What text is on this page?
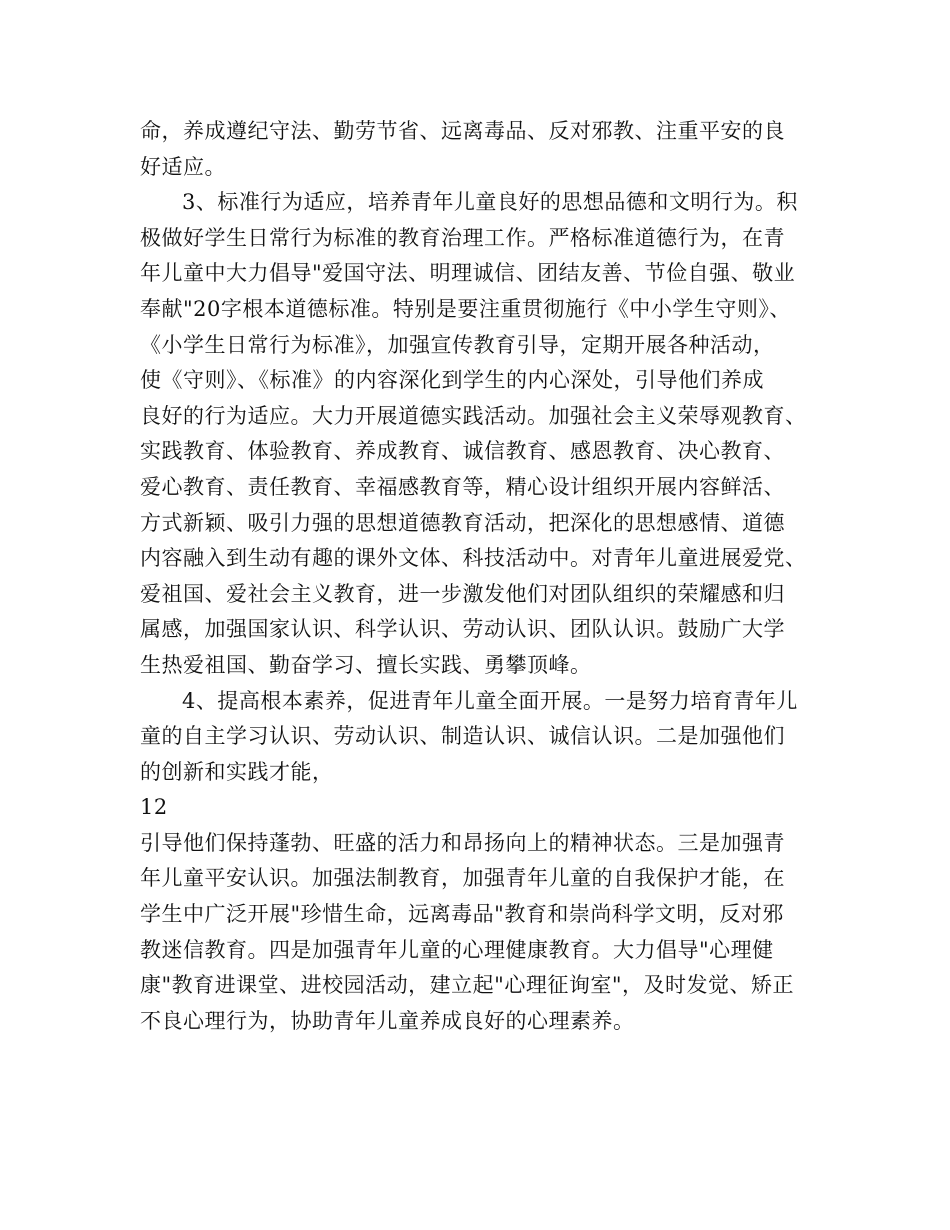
命，养成遵纪守法、勤劳节省、远离毒品、反对邪教、注重平安的良
好适应。
3、标准行为适应，培养青年儿童良好的思想品德和文明行为。积
极做好学生日常行为标准的教育治理工作。严格标准道德行为，在青
年儿童中大力倡导"爱国守法、明理诚信、团结友善、节俭自强、敬业
奉献"20字根本道德标准。特别是要注重贯彻施行《中小学生守则》、
《小学生日常行为标准》，加强宣传教育引导，定期开展各种活动，
使《守则》、《标准》的内容深化到学生的内心深处，引导他们养成
良好的行为适应。大力开展道德实践活动。加强社会主义荣辱观教育、
实践教育、体验教育、养成教育、诚信教育、感恩教育、决心教育、
爱心教育、责任教育、幸福感教育等，精心设计组织开展内容鲜活、
方式新颖、吸引力强的思想道德教育活动，把深化的思想感情、道德
内容融入到生动有趣的课外文体、科技活动中。对青年儿童进展爱党、
爱祖国、爱社会主义教育，进一步激发他们对团队组织的荣耀感和归
属感，加强国家认识、科学认识、劳动认识、团队认识。鼓励广大学
生热爱祖国、勤奋学习、擅长实践、勇攀顶峰。
4、提高根本素养，促进青年儿童全面开展。一是努力培育青年儿
童的自主学习认识、劳动认识、制造认识、诚信认识。二是加强他们
的创新和实践才能，
12
引导他们保持蓬勃、旺盛的活力和昂扬向上的精神状态。三是加强青
年儿童平安认识。加强法制教育，加强青年儿童的自我保护才能，在
学生中广泛开展"珍惜生命，远离毒品"教育和崇尚科学文明，反对邪
教迷信教育。四是加强青年儿童的心理健康教育。大力倡导"心理健
康"教育进课堂、进校园活动，建立起"心理征询室"，及时发觉、矫正
不良心理行为，协助青年儿童养成良好的心理素养。
